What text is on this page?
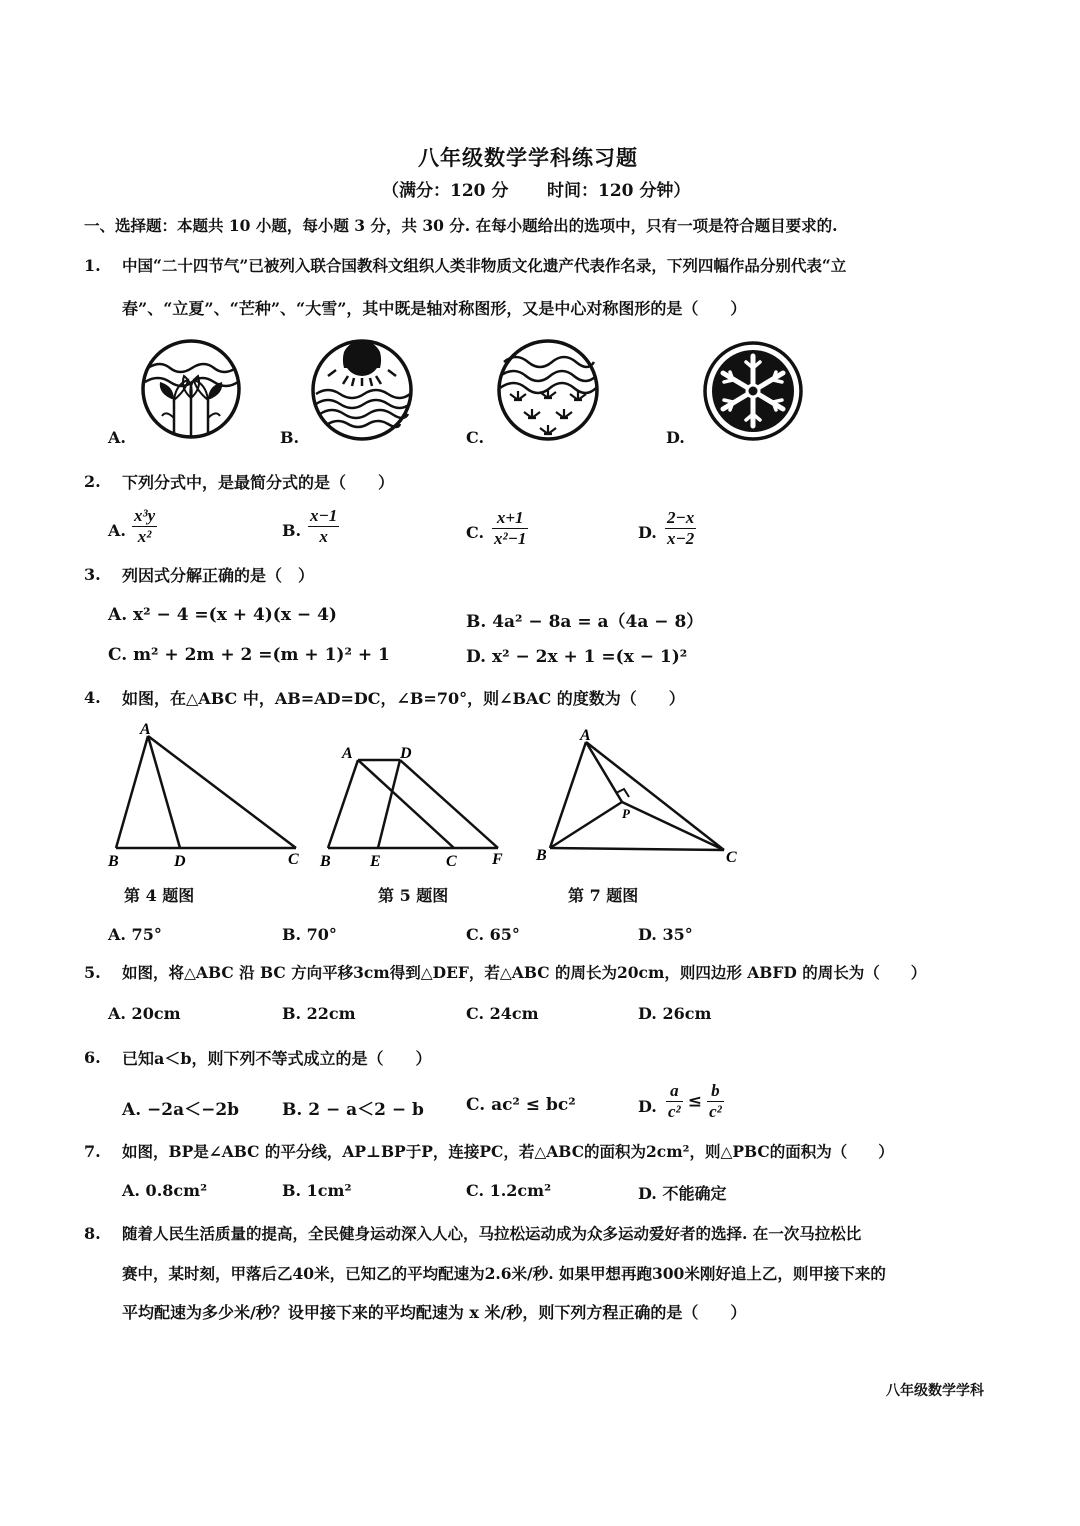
八年级数学学科练习题
（满分：120 分 时间：120 分钟）
一、选择题：本题共 10 小题，每小题 3 分，共 30 分. 在每小题给出的选项中，只有一项是符合题目要求的.
1. 中国“二十四节气”已被列入联合国教科文组织人类非物质文化遗产代表作名录，下列四幅作品分别代表“立
春”、“立夏”、“芒种”、“大雪”，其中既是轴对称图形，又是中心对称图形的是（　　）
A.	B.	C.	D.
2. 下列分式中，是最简分式的是（　　）
A. $\frac{\text{x³y}}{\text{x²}}$	B. $\frac{x-1}{x}$	C. $\frac{x+1}{\text{x²−1}}$	D. $\frac{2-x}{x-2}$
3. 列因式分解正确的是（　）
A. x² − 4 =(x + 4)(x − 4)	B. 4a² − 8a = a（4a − 8）
C. m² + 2m + 2 =(m + 1)² + 1	D. x² − 2x + 1 =(x − 1)²
4. 如图，在△ABC 中，AB=AD=DC，∠B=70°，则∠BAC 的度数为（　　）
A
B	D	C
第 4 题图
A	D
B E	C F
第 5 题图
A
B	C
P
第 7 题图
A. 75°	B. 70°	C. 65°	D. 35°
5. 如图，将△ABC 沿 BC 方向平移3cm得到△DEF，若△ABC 的周长为20cm，则四边形 ABFD 的周长为（　　）
A. 20cm	B. 22cm	C. 24cm	D. 26cm
6. 已知a＜b，则下列不等式成立的是（　　）
A. −2a＜−2b	B. 2 − a＜2 − b C. ac² ≤ bc²	D. $\frac{a}{\text{c²}} \le \frac{b}{\text{c²}}$
7. 如图，BP是∠ABC 的平分线，AP⊥BP于P，连接PC，若△ABC的面积为2cm²，则△PBC的面积为（　　）
A. 0.8cm²	B. 1cm²	C. 1.2cm²	D. 不能确定
8. 随着人民生活质量的提高，全民健身运动深入人心，马拉松运动成为众多运动爱好者的选择. 在一次马拉松比
赛中，某时刻，甲落后乙40米，已知乙的平均配速为2.6米/秒. 如果甲想再跑300米刚好追上乙，则甲接下来的
平均配速为多少米/秒？设甲接下来的平均配速为 x 米/秒，则下列方程正确的是（　　）
八年级数学学科
